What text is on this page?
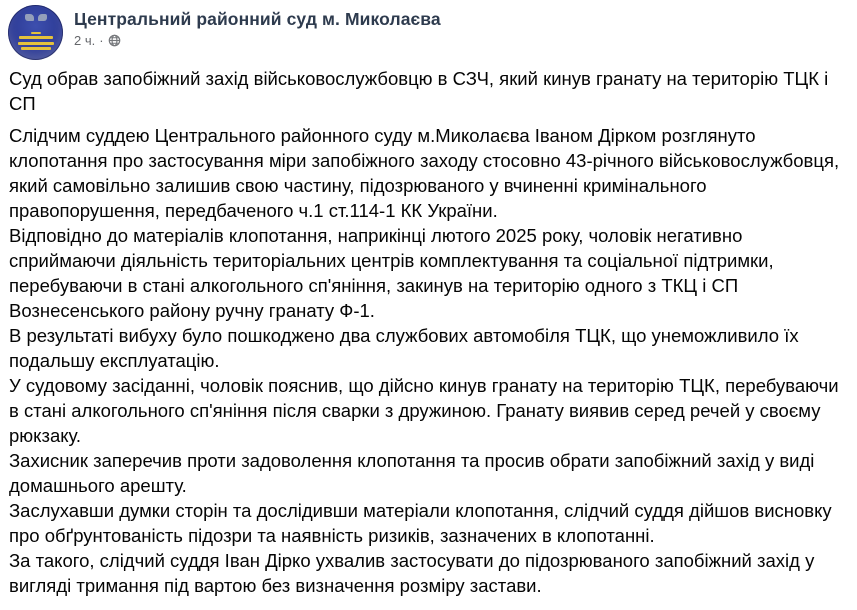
Центральний районний суд м. Миколаєва
2 ч. ·

Суд обрав запобіжний захід військовослужбовцю в СЗЧ, який кинув гранату на територію ТЦК і СП

Слідчим суддею Центрального районного суду м.Миколаєва Іваном Дірком розглянуто клопотання про застосування міри запобіжного заходу стосовно 43-річного військовослужбовця, який самовільно залишив свою частину, підозрюваного у вчиненні кримінального правопорушення, передбаченого ч.1 ст.114-1 КК України.

Відповідно до матеріалів клопотання, наприкінці лютого 2025 року, чоловік негативно сприймаючи діяльність територіальних центрів комплектування та соціальної підтримки, перебуваючи в стані алкогольного сп'яніння, закинув на територію одного з ТКЦ і СП Вознесенського району ручну гранату Ф-1.

В результаті вибуху було пошкоджено два службових автомобіля ТЦК, що унеможливило їх подальшу експлуатацію.

У судовому засіданні, чоловік пояснив, що дійсно кинув гранату на територію ТЦК, перебуваючи в стані алкогольного сп'яніння після сварки з дружиною. Гранату виявив серед речей у своєму рюкзаку.

Захисник заперечив проти задоволення клопотання та просив обрати запобіжний захід у виді домашнього арешту.

Заслухавши думки сторін та дослідивши матеріали клопотання, слідчий суддя дійшов висновку про обґрунтованість підозри та наявність ризиків, зазначених в клопотанні.

За такого, слідчий суддя Іван Дірко ухвалив застосувати до підозрюваного запобіжний захід у вигляді тримання під вартою без визначення розміру застави.
